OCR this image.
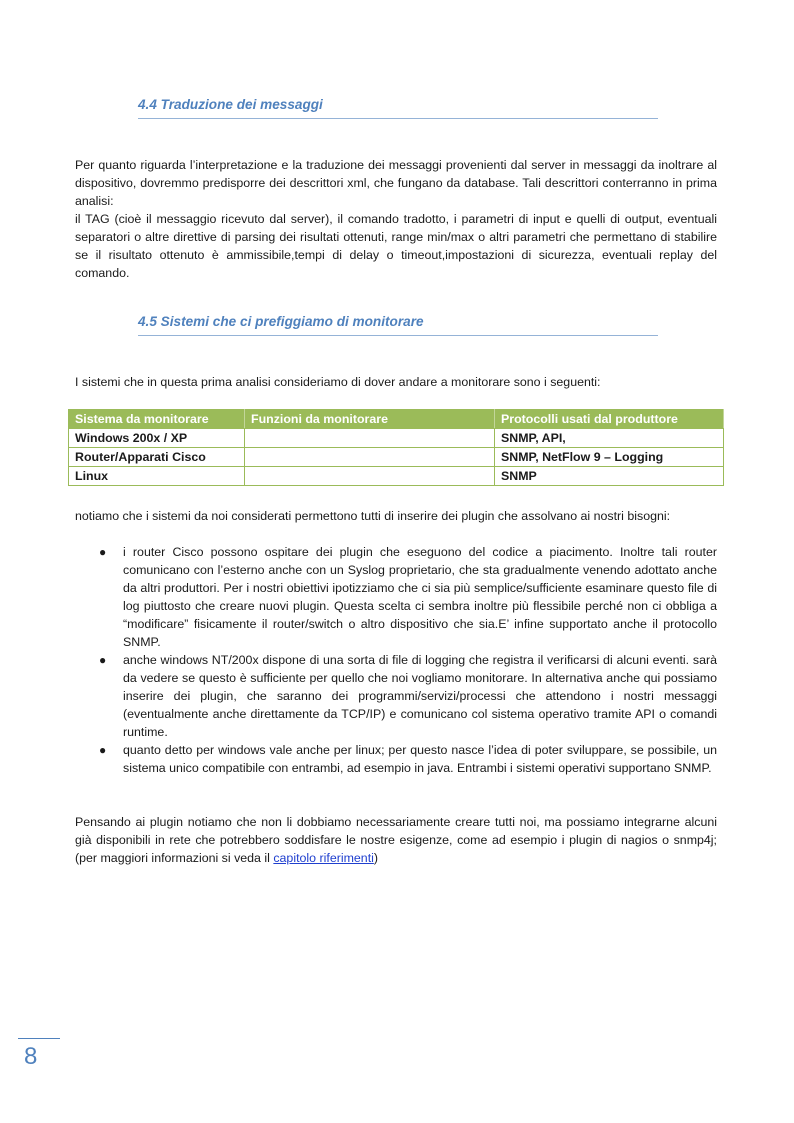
4.4 Traduzione dei messaggi

Per quanto riguarda l’interpretazione e la traduzione dei messaggi provenienti dal server in messaggi da inoltrare al dispositivo, dovremmo predisporre dei descrittori xml, che fungano da database. Tali descrittori conterranno in prima analisi:

il TAG (cioè il messaggio ricevuto dal server), il comando tradotto, i parametri di input e quelli di output, eventuali separatori o altre direttive di parsing dei risultati ottenuti, range min/max o altri parametri che permettano di stabilire se il risultato ottenuto è ammissibile,tempi di delay o timeout,impostazioni di sicurezza, eventuali replay del comando.

4.5 Sistemi che ci prefiggiamo di monitorare

I sistemi che in questa prima analisi consideriamo di dover andare a monitorare sono i seguenti:

Sistema da monitorare	Funzioni da monitorare	Protocolli usati dal produttore
Windows 200x / XP		SNMP, API,
Router/Apparati Cisco		SNMP, NetFlow 9 – Logging
Linux		SNMP

notiamo che i sistemi da noi considerati permettono tutti di inserire dei plugin che assolvano ai nostri bisogni:

● i router Cisco possono ospitare dei plugin che eseguono del codice a piacimento. Inoltre tali router comunicano con l’esterno anche con un Syslog proprietario, che sta gradualmente venendo adottato anche da altri produttori. Per i nostri obiettivi ipotizziamo che ci sia più semplice/sufficiente esaminare questo file di log piuttosto che creare nuovi plugin. Questa scelta ci sembra inoltre più flessibile perché non ci obbliga a “modificare” fisicamente il router/switch o altro dispositivo che sia.E’ infine supportato anche il protocollo SNMP.
● anche windows NT/200x dispone di una sorta di file di logging che registra il verificarsi di alcuni eventi. sarà da vedere se questo è sufficiente per quello che noi vogliamo monitorare. In alternativa anche qui possiamo inserire dei plugin, che saranno dei programmi/servizi/processi che attendono i nostri messaggi (eventualmente anche direttamente da TCP/IP) e comunicano col sistema operativo tramite API o comandi runtime.
● quanto detto per windows vale anche per linux; per questo nasce l’idea di poter sviluppare, se possibile, un sistema unico compatibile con entrambi, ad esempio in java. Entrambi i sistemi operativi supportano SNMP.

Pensando ai plugin notiamo che non li dobbiamo necessariamente creare tutti noi, ma possiamo integrarne alcuni già disponibili in rete che potrebbero soddisfare le nostre esigenze, come ad esempio i plugin di nagios o snmp4j; (per maggiori informazioni si veda il capitolo riferimenti)

8
